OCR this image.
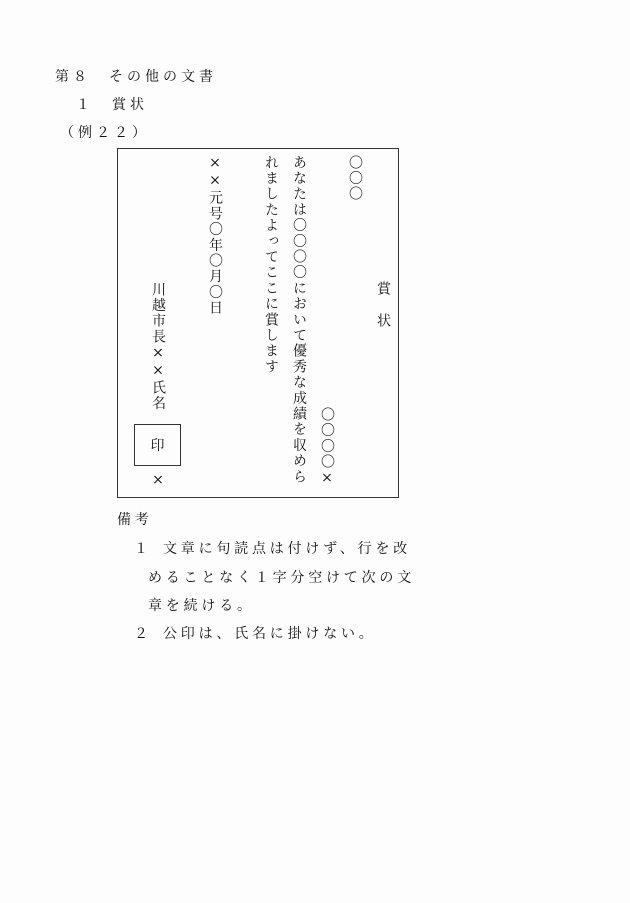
第８　その他の文書
１　賞状
（例２２）
〇〇〇
賞　状
〇〇〇〇×
あなたは〇〇〇〇において優秀な成績を収めら
れましたよってここに賞します
××元号〇年〇月〇日
川越市長××氏名
印
×
備考
１ 文章に句読点は付けず、行を改
めることなく１字分空けて次の文
章を続ける。
２ 公印は、氏名に掛けない。
